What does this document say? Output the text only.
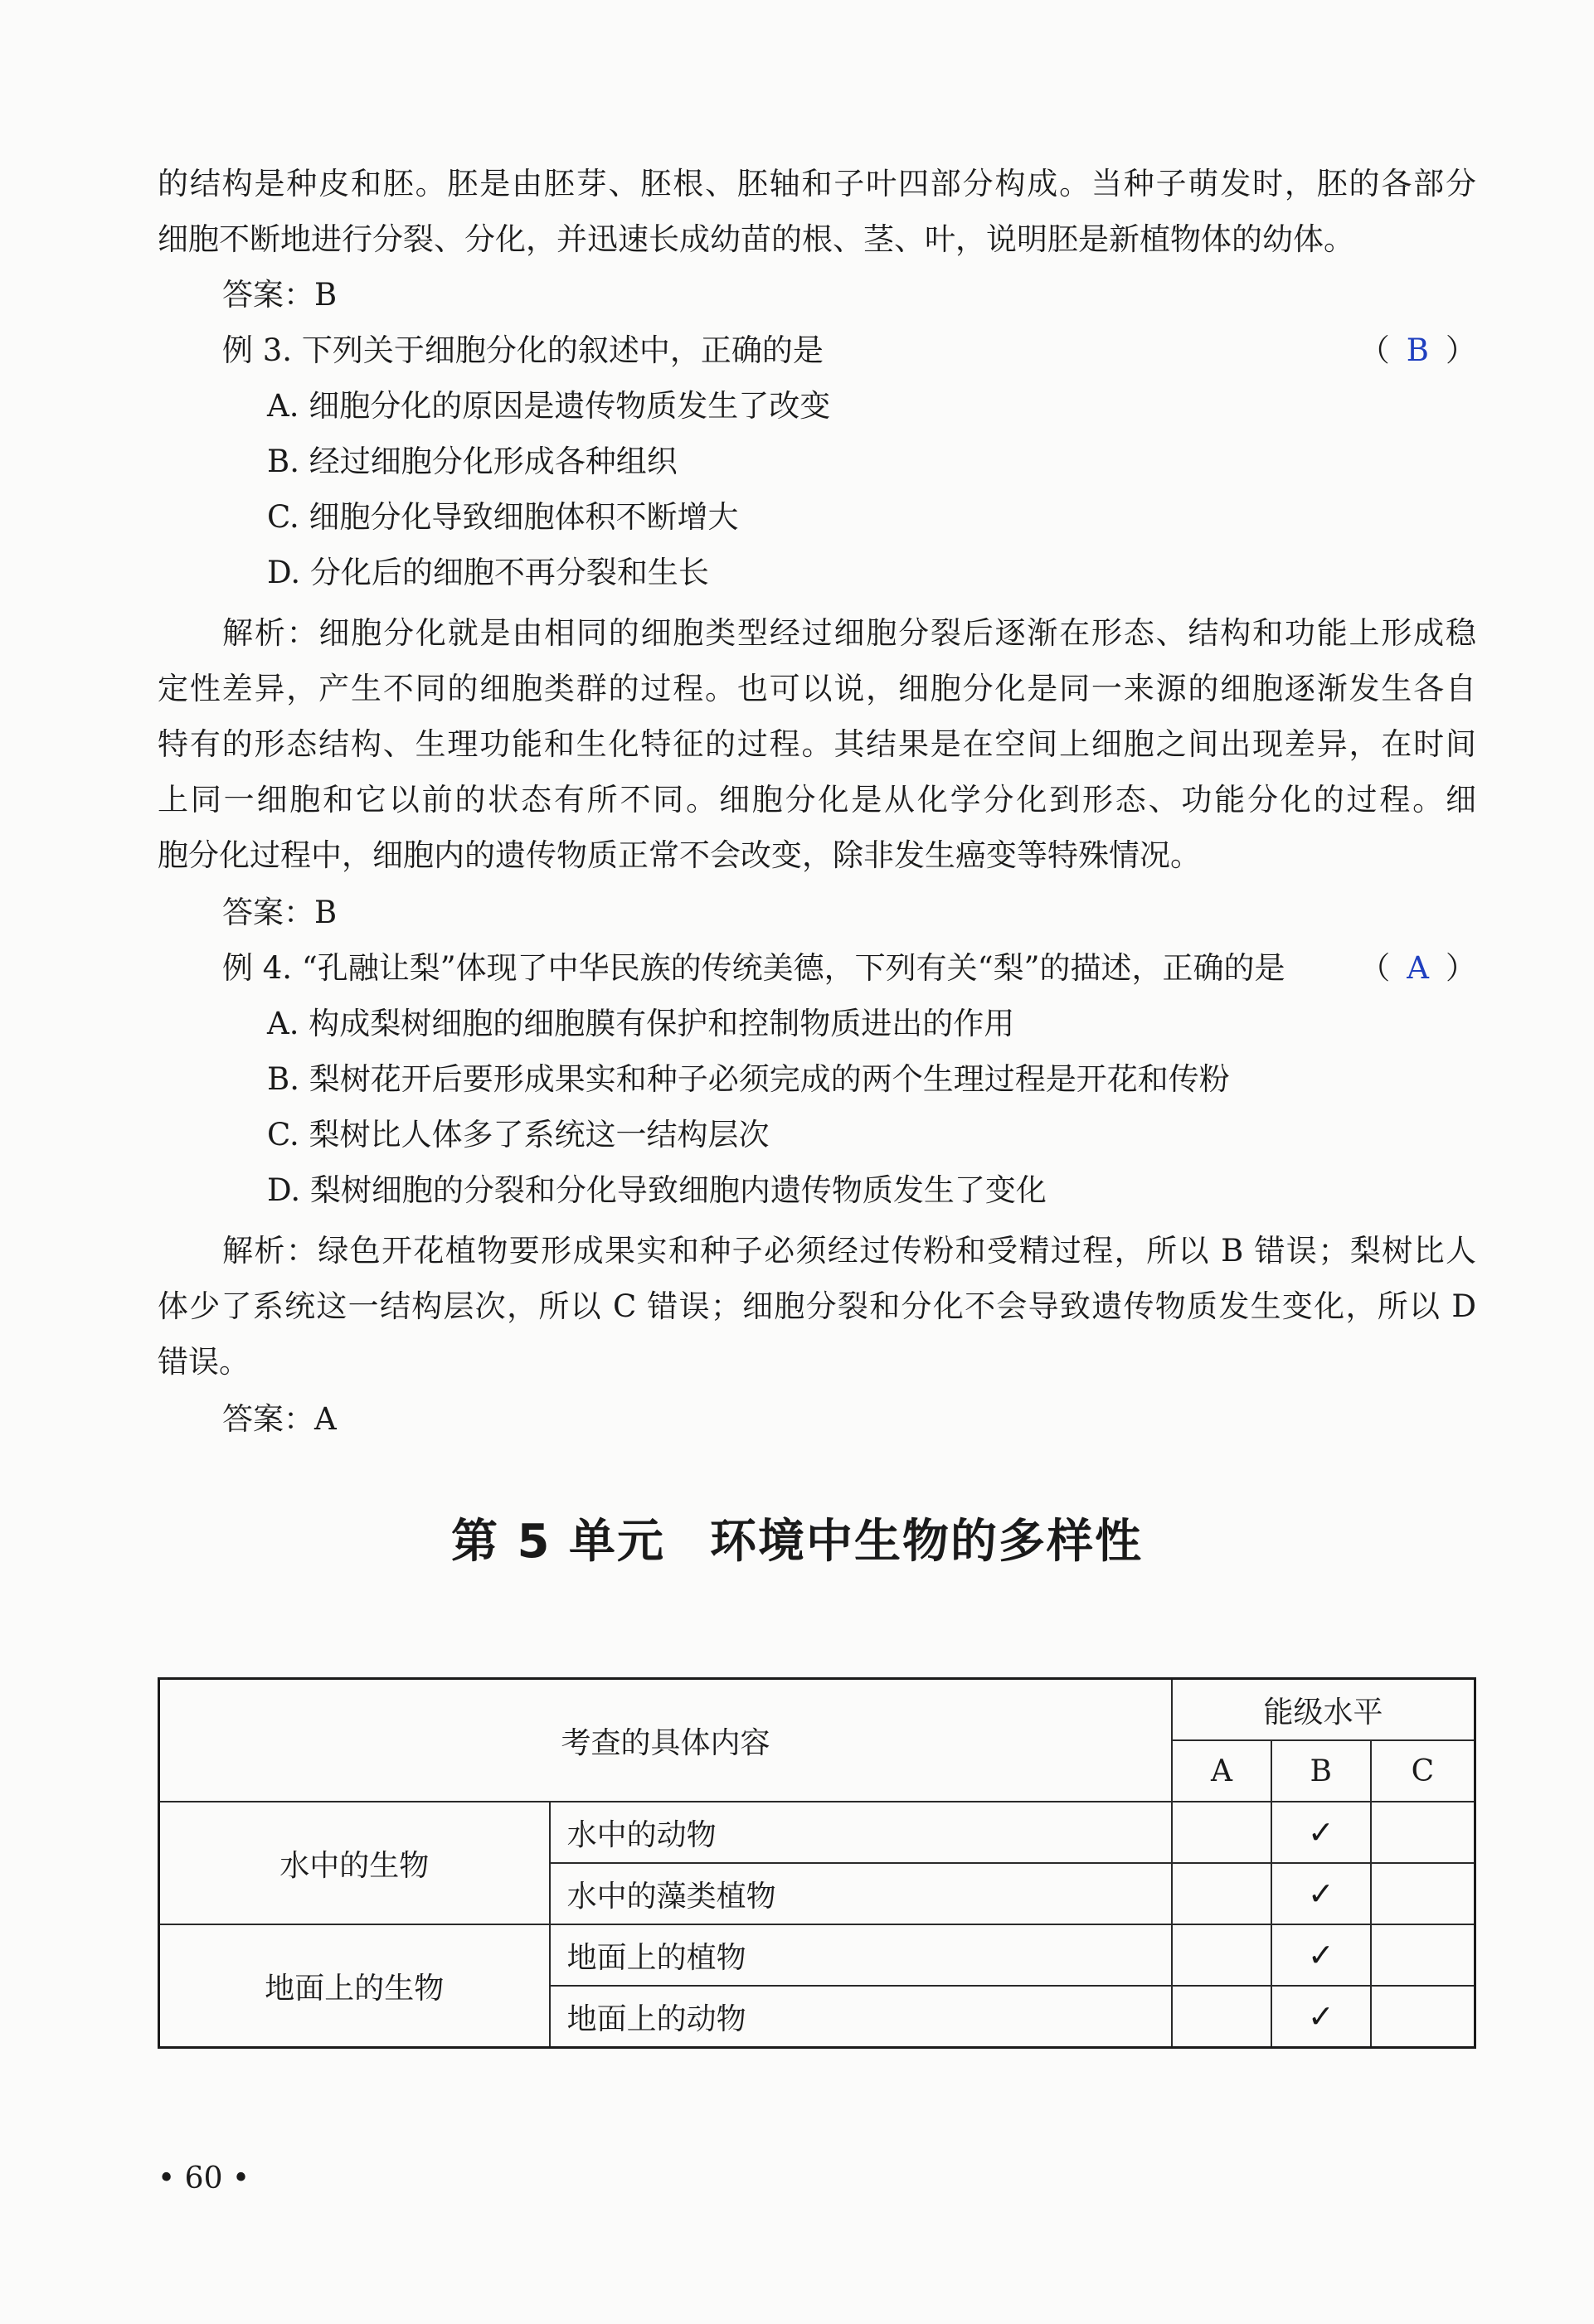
的结构是种皮和胚。胚是由胚芽、胚根、胚轴和子叶四部分构成。当种子萌发时，胚的各部分
细胞不断地进行分裂、分化，并迅速长成幼苗的根、茎、叶，说明胚是新植物体的幼体。
答案：B
例 3. 下列关于细胞分化的叙述中，正确的是	（ B ）
A. 细胞分化的原因是遗传物质发生了改变
B. 经过细胞分化形成各种组织
C. 细胞分化导致细胞体积不断增大
D. 分化后的细胞不再分裂和生长
解析：细胞分化就是由相同的细胞类型经过细胞分裂后逐渐在形态、结构和功能上形成稳
定性差异，产生不同的细胞类群的过程。也可以说，细胞分化是同一来源的细胞逐渐发生各自
特有的形态结构、生理功能和生化特征的过程。其结果是在空间上细胞之间出现差异，在时间
上同一细胞和它以前的状态有所不同。细胞分化是从化学分化到形态、功能分化的过程。细
胞分化过程中，细胞内的遗传物质正常不会改变，除非发生癌变等特殊情况。
答案：B
例 4. “孔融让梨”体现了中华民族的传统美德，下列有关“梨”的描述，正确的是 （ A ）
A. 构成梨树细胞的细胞膜有保护和控制物质进出的作用
B. 梨树花开后要形成果实和种子必须完成的两个生理过程是开花和传粉
C. 梨树比人体多了系统这一结构层次
D. 梨树细胞的分裂和分化导致细胞内遗传物质发生了变化
解析：绿色开花植物要形成果实和种子必须经过传粉和受精过程，所以 B 错误；梨树比人
体少了系统这一结构层次，所以 C 错误；细胞分裂和分化不会导致遗传物质发生变化，所以 D
错误。
答案：A
第 5 单元 环境中生物的多样性
考查的具体内容		能级水平		
		A	B	C
水中的生物	水中的动物		✓	
	水中的藻类植物		✓	
地面上的生物	地面上的植物		✓	
	地面上的动物		✓	
• 60 •
